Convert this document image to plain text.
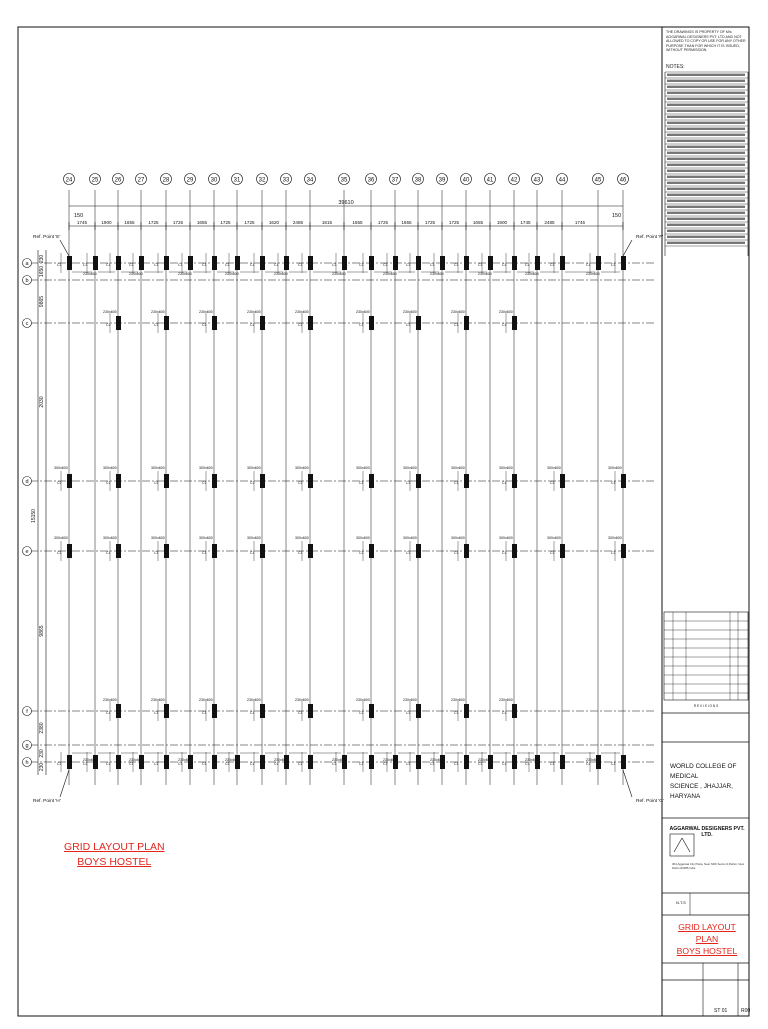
24	25	26	27	28	29	30	31	32	33	34	35	36	37	38	39	40	41	42	43	44	45	46
a
b
c
d
e
f
g
h
39610
150	150
1745	1900	1655	1725	1725	1655	1725	1725	1620	2485	1815	1655	1725	1655	1725	1725	1655	1900	1745	2485	1745
230
1650
9865
2030
15150
9865
2380
230
230
Ref. Point 'E'	Ref. Point 'F'
Ref. Point 'H'	Ref. Point 'G'
C1
C1
C1
C1
C1
C1
C1
C1
C1
C1
C1
C1
C1
C1
C1
C1
C1
C1
C1
C1
C1
C1
C1
C1
C1
C1
C1
C1
C1
C1
C1
C1
C1
C1
C1
C1
C1
C1
C1
C1
C1
C1
C1
C1
C1
C1
C1
230x600
C1
230x600
C1
230x600
C1
230x600
C1
230x600
C1
230x600
C1
230x600
C1
230x600
C1
230x600
C1
230x600
C1
230x600
C1
230x600
C1
230x600
C1
230x600
C1
230x600
C1
230x600
C1
230x600
C1
230x600
C1
300x600
C1
300x600
C1
300x600
C1
300x600
C1
300x600
C1
300x600
C1
300x600
C1
300x600
C1
300x600
C1
300x600
C1
300x600
C1
300x600
C1
300x600
C1
300x600
C1
300x600
C1
300x600
C1
300x600
C1
300x600
C1
300x600
C1
300x600
C1
300x600
C1
300x600
C1
300x600
C1
300x600
230x600
230x600
230x600
230x600
230x600
230x600
230x600
230x600
230x600
230x600
230x600
230x600
230x600
230x600
230x600
230x600
230x600
230x600
230x600
230x600
230x600
230x600
R E V I S I O N S
N.T.S
ST 01	R00
GRID LAYOUT PLAN
BOYS HOSTEL
THE DRAWINGS IS PROPERTY OF M/s AGGARWAL DESIGNERS PVT. LTD AND NOT ALLOWED TO COPY OR USE FOR ANY OTHER PURPOSE THAN FOR WHICH IT IS ISSUED, WITHOUT PERMISSION.
NOTES:
WORLD COLLEGE OF MEDICAL
SCIENCE , JHAJJAR, HARYANA
AGGARWAL DESIGNERS PVT. LTD.
304,Aggarwal City Plaza, Near NDK Sector-3,Rohini, New Delhi-110085,India
GRID LAYOUT PLAN
BOYS HOSTEL
